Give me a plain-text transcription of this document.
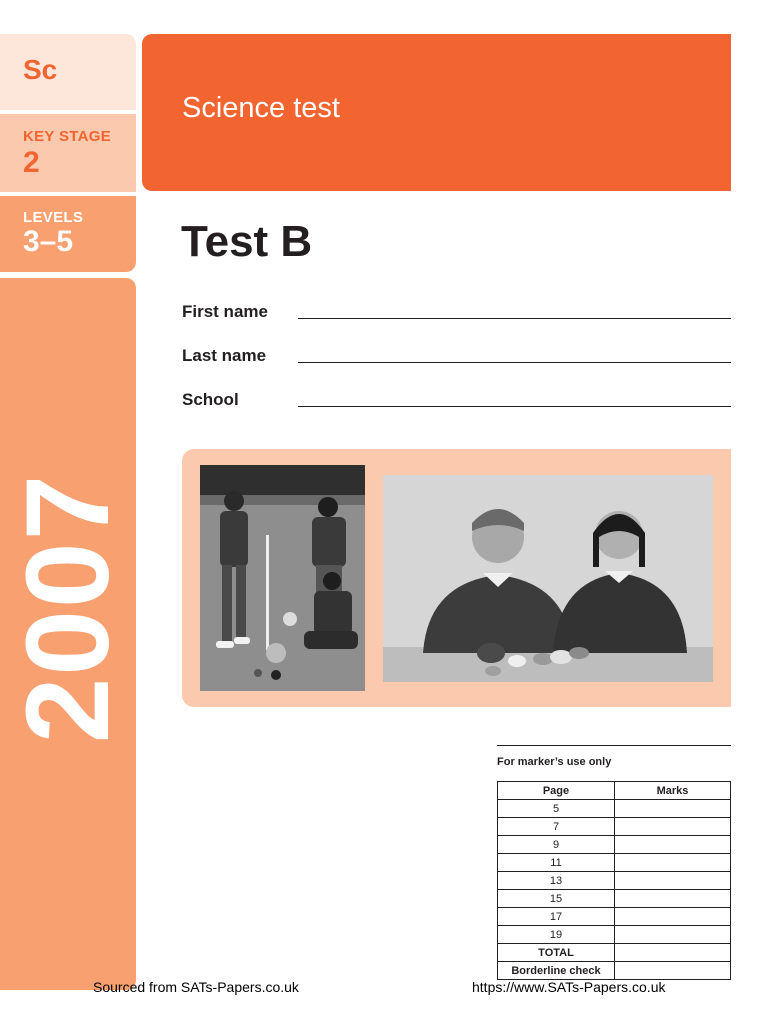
Sc
KEY STAGE
2
LEVELS
3–5
2007
Science test
Test B
First name
Last name
School
For marker’s use only
Page	Marks
5	
7	
9	
11	
13	
15	
17	
19	
TOTAL	
Borderline check	
Sourced from SATs-Papers.co.uk	https://www.SATs-Papers.co.uk
